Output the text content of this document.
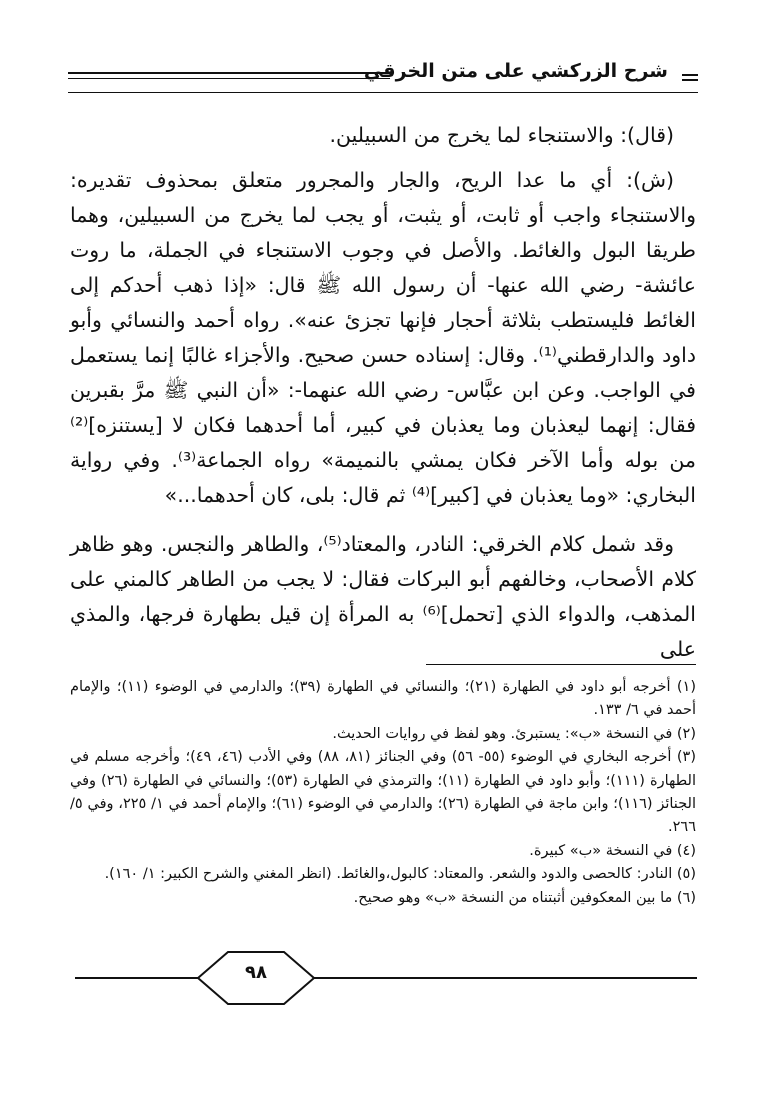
شرح الزركشي على متن الخرقي

(قال): والاستنجاء لما يخرج من السبيلين.

(ش): أي ما عدا الريح، والجار والمجرور متعلق بمحذوف تقديره: والاستنجاء واجب أو ثابت، أو يثبت، أو يجب لما يخرج من السبيلين، وهما طريقا البول والغائط. والأصل في وجوب الاستنجاء في الجملة، ما روت عائشة- رضي الله عنها- أن رسول الله ﷺ قال: «إذا ذهب أحدكم إلى الغائط فليستطب بثلاثة أحجار فإنها تجزئ عنه». رواه أحمد والنسائي وأبو داود والدارقطني⁽¹⁾. وقال: إسناده حسن صحيح. والأجزاء غالبًا إنما يستعمل في الواجب. وعن ابن عبَّاس- رضي الله عنهما-: «أن النبي ﷺ مرَّ بقبرين فقال: إنهما ليعذبان وما يعذبان في كبير، أما أحدهما فكان لا [يستنزه]⁽²⁾ من بوله وأما الآخر فكان يمشي بالنميمة» رواه الجماعة⁽³⁾. وفي رواية البخاري: «وما يعذبان في [كبير]⁽⁴⁾ ثم قال: بلى، كان أحدهما...»

وقد شمل كلام الخرقي: النادر، والمعتاد⁽⁵⁾، والطاهر والنجس. وهو ظاهر كلام الأصحاب، وخالفهم أبو البركات فقال: لا يجب من الطاهر كالمني على المذهب، والدواء الذي [تحمل]⁽⁶⁾ به المرأة إن قيل بطهارة فرجها، والمذي على

(١) أخرجه أبو داود في الطهارة (٢١)؛ والنسائي في الطهارة (٣٩)؛ والدارمي في الوضوء (١١)؛ والإمام أحمد في ٦/ ١٣٣.

(٢) في النسخة «ب»: يستبرئ. وهو لفظ في روايات الحديث.

(٣) أخرجه البخاري في الوضوء (٥٥- ٥٦) وفي الجنائز (٨١، ٨٨) وفي الأدب (٤٦، ٤٩)؛ وأخرجه مسلم في الطهارة (١١١)؛ وأبو داود في الطهارة (١١)؛ والترمذي في الطهارة (٥٣)؛ والنسائي في الطهارة (٢٦) وفي الجنائز (١١٦)؛ وابن ماجة في الطهارة (٢٦)؛ والدارمي في الوضوء (٦١)؛ والإمام أحمد في ١/ ٢٢٥، وفي ٥/ ٢٦٦.

(٤) في النسخة «ب» كبيرة.

(٥) النادر: كالحصى والدود والشعر. والمعتاد: كالبول،والغائط. (انظر المغني والشرح الكبير: ١/ ١٦٠).

(٦) ما بين المعكوفين أثبتناه من النسخة «ب» وهو صحيح.

٩٨
